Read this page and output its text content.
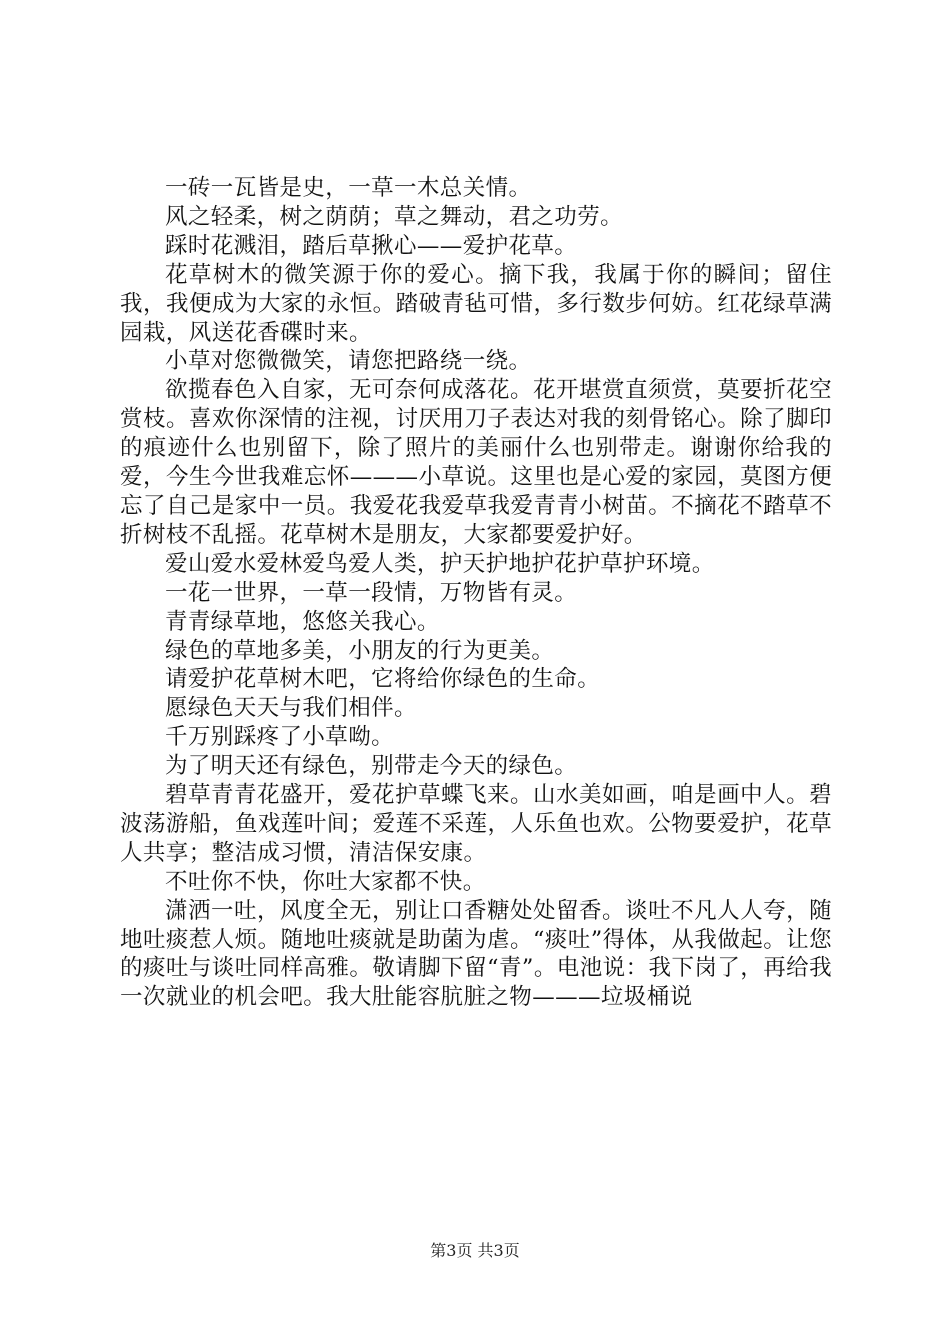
一砖一瓦皆是史，一草一木总关情。

风之轻柔，树之荫荫；草之舞动，君之功劳。

踩时花溅泪，踏后草揪心——爱护花草。

花草树木的微笑源于你的爱心。摘下我，我属于你的瞬间；留住我，我便成为大家的永恒。踏破青毡可惜，多行数步何妨。红花绿草满园栽，风送花香碟时来。

小草对您微微笑，请您把路绕一绕。

欲揽春色入自家，无可奈何成落花。花开堪赏直须赏，莫要折花空赏枝。喜欢你深情的注视，讨厌用刀子表达对我的刻骨铭心。除了脚印的痕迹什么也别留下，除了照片的美丽什么也别带走。谢谢你给我的爱，今生今世我难忘怀———小草说。这里也是心爱的家园，莫图方便忘了自己是家中一员。我爱花我爱草我爱青青小树苗。不摘花不踏草不折树枝不乱摇。花草树木是朋友，大家都要爱护好。

爱山爱水爱林爱鸟爱人类，护天护地护花护草护环境。

一花一世界，一草一段情，万物皆有灵。

青青绿草地，悠悠关我心。

绿色的草地多美，小朋友的行为更美。

请爱护花草树木吧，它将给你绿色的生命。

愿绿色天天与我们相伴。

千万别踩疼了小草呦。

为了明天还有绿色，别带走今天的绿色。

碧草青青花盛开，爱花护草蝶飞来。山水美如画，咱是画中人。碧波荡游船，鱼戏莲叶间；爱莲不采莲，人乐鱼也欢。公物要爱护，花草人共享；整洁成习惯，清洁保安康。

不吐你不快，你吐大家都不快。

潇洒一吐，风度全无，别让口香糖处处留香。谈吐不凡人人夸，随地吐痰惹人烦。随地吐痰就是助菌为虐。“痰吐”得体，从我做起。让您的痰吐与谈吐同样高雅。敬请脚下留“青”。电池说：我下岗了，再给我一次就业的机会吧。我大肚能容肮脏之物———垃圾桶说

第3页 共3页
